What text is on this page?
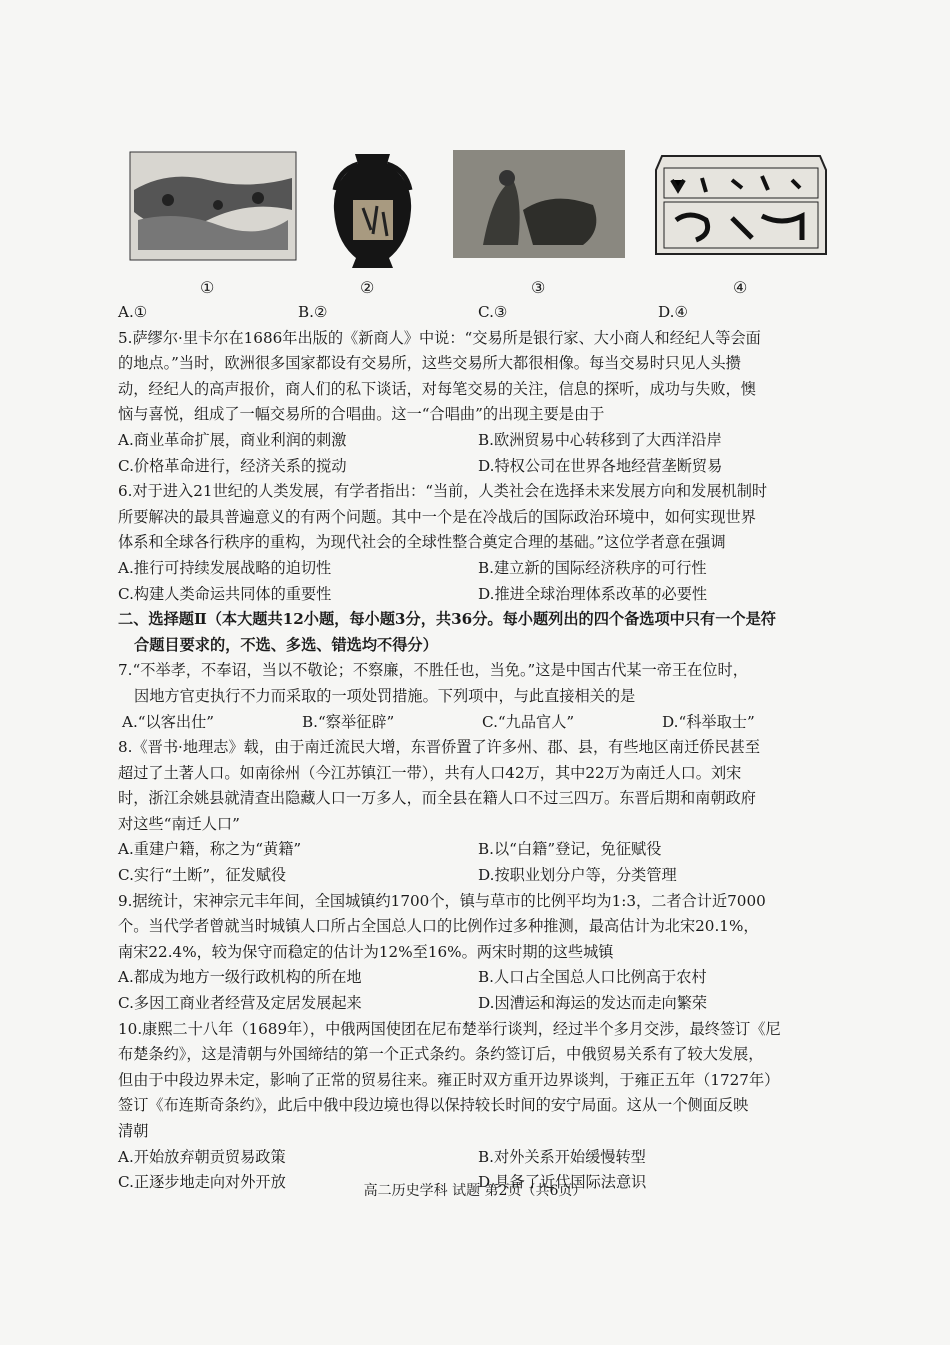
①	②	③	④
A.①	B.②	C.③	D.④
5.萨缪尔·里卡尔在1686年出版的《新商人》中说：“交易所是银行家、大小商人和经纪人等会面
的地点。”当时，欧洲很多国家都设有交易所，这些交易所大都很相像。每当交易时只见人头攒
动，经纪人的高声报价，商人们的私下谈话，对每笔交易的关注，信息的探听，成功与失败，懊
恼与喜悦，组成了一幅交易所的合唱曲。这一“合唱曲”的出现主要是由于
A.商业革命扩展，商业利润的刺激	B.欧洲贸易中心转移到了大西洋沿岸
C.价格革命进行，经济关系的搅动	D.特权公司在世界各地经营垄断贸易
6.对于进入21世纪的人类发展，有学者指出：“当前，人类社会在选择未来发展方向和发展机制时
所要解决的最具普遍意义的有两个问题。其中一个是在冷战后的国际政治环境中，如何实现世界
体系和全球各行秩序的重构，为现代社会的全球性整合奠定合理的基础。”这位学者意在强调
A.推行可持续发展战略的迫切性	B.建立新的国际经济秩序的可行性
C.构建人类命运共同体的重要性	D.推进全球治理体系改革的必要性
二、选择题Ⅱ（本大题共12小题，每小题3分，共36分。每小题列出的四个备选项中只有一个是符
合题目要求的，不选、多选、错选均不得分）
7.“不举孝，不奉诏，当以不敬论；不察廉，不胜任也，当免。”这是中国古代某一帝王在位时，
因地方官吏执行不力而采取的一项处罚措施。下列项中，与此直接相关的是
A.“以客出仕”	B.“察举征辟”	C.“九品官人”	D.“科举取士”
8.《晋书·地理志》载，由于南迁流民大增，东晋侨置了许多州、郡、县，有些地区南迁侨民甚至
超过了土著人口。如南徐州（今江苏镇江一带），共有人口42万，其中22万为南迁人口。刘宋
时，浙江余姚县就清查出隐藏人口一万多人，而全县在籍人口不过三四万。东晋后期和南朝政府
对这些“南迁人口”
A.重建户籍，称之为“黄籍”	B.以“白籍”登记，免征赋役
C.实行“土断”，征发赋役	D.按职业划分户等，分类管理
9.据统计，宋神宗元丰年间，全国城镇约1700个，镇与草市的比例平均为1:3，二者合计近7000
个。当代学者曾就当时城镇人口所占全国总人口的比例作过多种推测，最高估计为北宋20.1%，
南宋22.4%，较为保守而稳定的估计为12%至16%。两宋时期的这些城镇
A.都成为地方一级行政机构的所在地	B.人口占全国总人口比例高于农村
C.多因工商业者经营及定居发展起来	D.因漕运和海运的发达而走向繁荣
10.康熙二十八年（1689年），中俄两国使团在尼布楚举行谈判，经过半个多月交涉，最终签订《尼
布楚条约》，这是清朝与外国缔结的第一个正式条约。条约签订后，中俄贸易关系有了较大发展，
但由于中段边界未定，影响了正常的贸易往来。雍正时双方重开边界谈判，于雍正五年（1727年）
签订《布连斯奇条约》，此后中俄中段边境也得以保持较长时间的安宁局面。这从一个侧面反映
清朝
A.开始放弃朝贡贸易政策	B.对外关系开始缓慢转型
C.正逐步地走向对外开放	D.具备了近代国际法意识
高二历史学科 试题 第2页（共6页）
